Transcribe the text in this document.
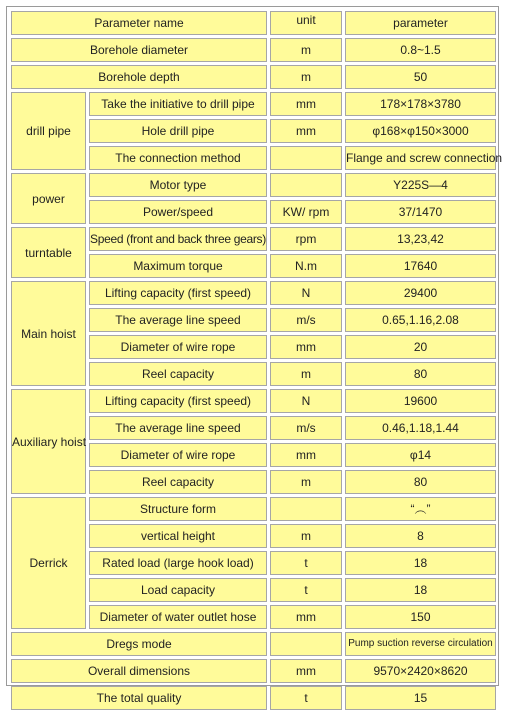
Parameter name		unit	parameter
Borehole diameter		m	0.8~1.5
Borehole depth		m	50
drill pipe	Take the initiative to drill pipe	mm	178×178×3780
	Hole drill pipe	mm	φ168×φ150×3000
	The connection method		Flange and screw connection
power	Motor type		Y225S—4
	Power/speed	KW/ rpm	37/1470
turntable	Speed (front and back three gears)	rpm	13,23,42
	Maximum torque	N.m	17640
Main hoist	Lifting capacity (first speed)	N	29400
	The average line speed	m/s	0.65,1.16,2.08
	Diameter of wire rope	mm	20
	Reel capacity	m	80
Auxiliary hoist	Lifting capacity (first speed)	N	19600
	The average line speed	m/s	0.46,1.18,1.44
	Diameter of wire rope	mm	φ14
	Reel capacity	m	80
Derrick	Structure form		“︵”
	vertical height	m	8
	Rated load (large hook load)	t	18
	Load capacity	t	18
	Diameter of water outlet hose	mm	150
Dregs mode			Pump suction reverse circulation
Overall dimensions		mm	9570×2420×8620
The total quality		t	15
